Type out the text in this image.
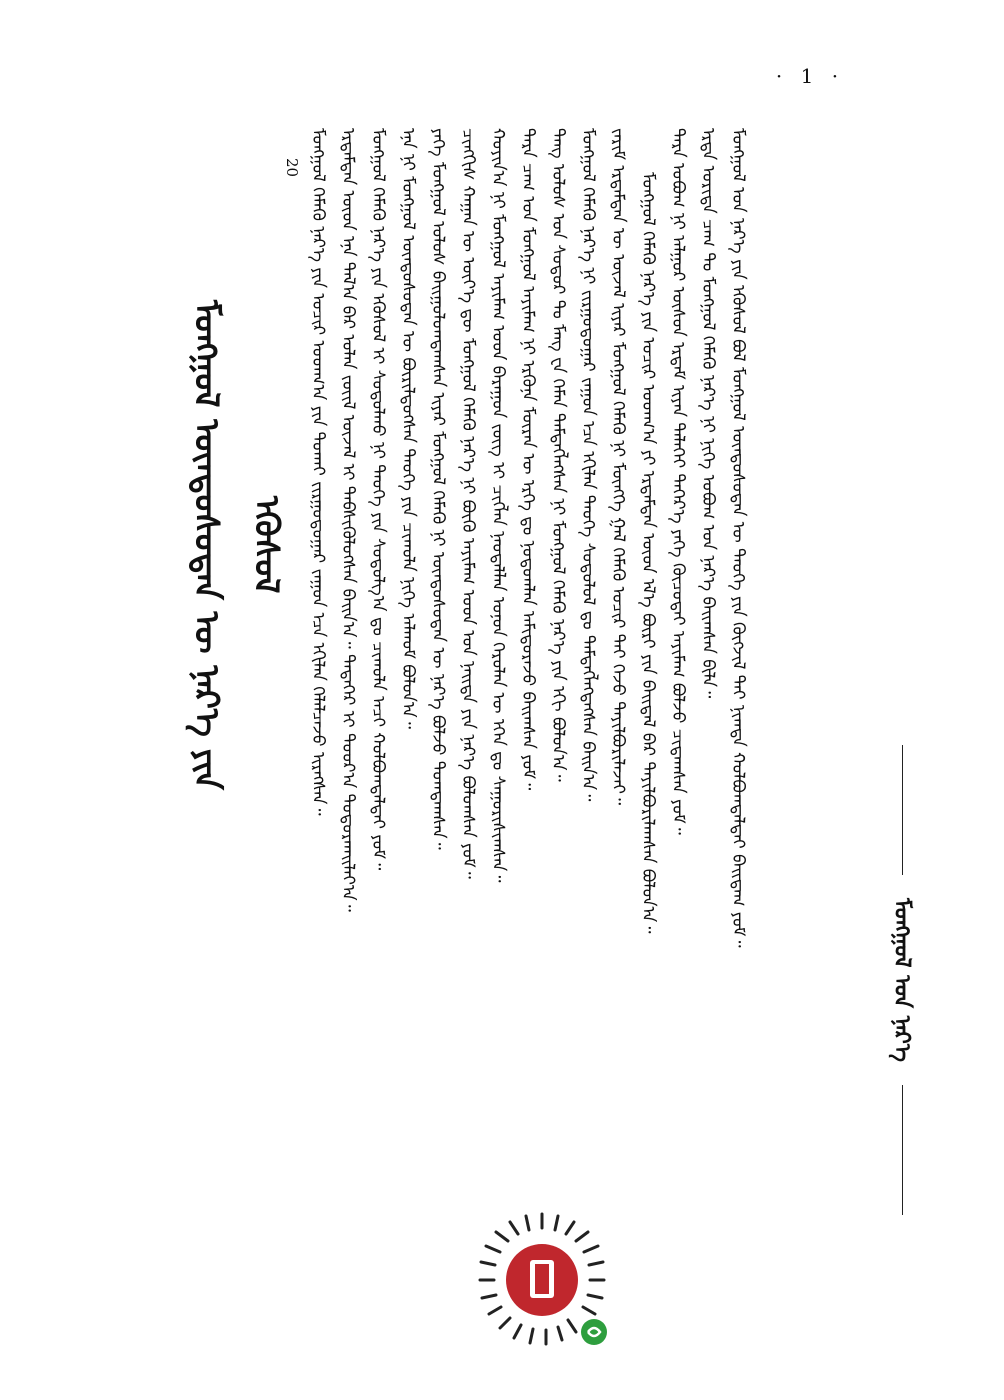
· 1 ·
ᠮᠣᠩᠭ᠋ᠣᠯ ᠤᠨ ᠨᠡᠷ᠎ᠡ
ᠮᠣᠩᠭ᠋ᠣᠯ ᠦᠨᠳᠦᠰᠦᠲᠡᠨ ᠦ ᠨᠡᠷ᠎ᠡ ᠶᠢᠨ ᠡᠭᠦᠰᠦᠯ	ᠮᠣᠩᠭ᠋ᠣᠯ ᠤᠨ ᠨᠡᠷ᠎ᠡ ᠶᠢᠨ ᠡᠭᠦᠰᠦᠯ ᠪᠣᠯ ᠮᠣᠩᠭ᠋ᠣᠯ ᠦᠨᠳᠦᠰᠦᠲᠡᠨ ᠦ ᠲᠡᠦᠬᠡ ᠶᠢᠨ ᠬᠥᠭᠵᠢᠯ ᠲᠡᠢ ᠨᠢᠭᠲᠠ ᠬᠣᠯᠪᠣᠭᠳᠠᠯᠲᠠᠢ ᠪᠠᠢᠳᠠᠭ ᠶᠤᠮ᠃
ᠡᠷᠲᠡ ᠤᠷᠢᠳᠠ ᠴᠠᠭ ᠲᠤ ᠮᠣᠩᠭ᠋ᠣᠯ ᠬᠡᠮᠡᠬᠦ ᠨᠡᠷ᠎ᠡ ᠨᠢ ᠨᠢᠭᠡ ᠣᠪᠣᠭ ᠤᠨ ᠨᠡᠷ᠎ᠡ ᠪᠠᠢᠭᠰᠠᠨ ᠪᠢᠯᠡ᠃
ᠲᠡᠷᠡ ᠣᠪᠣᠭ ᠨᠢ ᠠᠯᠭᠤᠷ ᠥᠰᠦᠨ ᠡᠷᠲᠡᠮ ᠢᠶᠡᠨ ᠲᠡᠯᠡᠬᠡᠢ ᠳᠡᠭᠡᠷ᠎ᠡ ᠶᠡᠬᠡ ᠬᠦᠴᠦᠲᠡᠢ ᠠᠶᠢᠮᠠᠭ ᠪᠣᠯᠵᠤ ᠴᠢᠳᠠᠭᠰᠠᠨ ᠶᠤᠮ᠃
ᠮᠣᠩᠭ᠋ᠣᠯ ᠬᠡᠮᠡᠬᠦ ᠨᠡᠷ᠎ᠡ ᠶᠢᠨ ᠤᠴᠢᠷ ᠤᠳᠬ᠎ᠠ ᠶᠢ ᠡᠷᠳᠡᠮᠳᠡᠨ ᠦᠳ ᠡᠯ᠎ᠡ ᠪᠦᠷᠢ ᠶᠢᠨ ᠪᠠᠢᠳᠠᠯ ᠪᠡᠷ ᠲᠠᠶᠢᠯᠪᠤᠷᠢᠯᠠᠭᠰᠠᠨ ᠪᠣᠯᠣᠨ᠎ᠠ᠃
ᠵᠠᠷᠢᠮ ᠡᠷᠳᠡᠮᠳᠡᠨ ᠦ ᠦᠵᠡᠯ ᠢᠶᠡᠷ ᠮᠣᠩᠭ᠋ᠣᠯ ᠬᠡᠮᠡᠬᠦ ᠨᠢ ᠮᠥᠩᠬᠡ ᠭᠠᠯ ᠬᠡᠮᠡᠬᠦ ᠤᠴᠢᠷ ᠲᠠᠢ ᠭᠡᠵᠦ ᠲᠠᠶᠢᠯᠪᠤᠷᠢᠯᠠᠵᠠᠢ᠃
ᠮᠣᠩᠭ᠋ᠣᠯ ᠬᠡᠮᠡᠬᠦ ᠨᠡᠷ᠎ᠡ ᠨᠢ ᠵᠢᠷᠭᠤᠳᠤᠭᠠᠷ ᠵᠠᠭᠤᠨ ᠡᠴᠡ ᠡᠬᠢᠯᠡᠨ ᠲᠡᠦᠬᠡ ᠰᠤᠳᠤᠯᠤᠯ ᠳᠤ ᠲᠡᠮᠳᠡᠭᠯᠡᠭᠳᠡᠭᠰᠡᠨ ᠪᠠᠢᠨ᠎ᠠ᠃
ᠲᠠᠩ ᠤᠯᠤᠰ ᠤᠨ ᠰᠤᠳᠤᠷ ᠲᠤ ᠮᠡᠩ ᠸᠠ ᠬᠡᠮᠡᠨ ᠲᠡᠮᠳᠡᠭᠯᠡᠭᠰᠡᠨ ᠨᠢ ᠮᠣᠩᠭ᠋ᠣᠯ ᠬᠡᠮᠡᠬᠦ ᠨᠡᠷ᠎ᠡ ᠶᠢᠨ ᠡᠬᠢ ᠪᠣᠯᠣᠨ᠎ᠠ᠃
ᠲᠡᠷᠡ ᠴᠠᠭ ᠤᠨ ᠮᠣᠩᠭ᠋ᠣᠯ ᠠᠶᠢᠮᠠᠭ ᠨᠢ ᠡᠷᠭᠦᠨᠡ ᠮᠥᠷᠡᠨ ᠦ ᠡᠷᠭᠡ ᠳᠤ ᠨᠤᠳᠤᠭᠯᠠᠨ ᠠᠮᠢᠳᠤᠷᠠᠵᠤ ᠪᠠᠢᠭᠰᠠᠨ ᠶᠤᠮ᠃
ᠬᠣᠶᠢᠨ᠎ᠠ ᠨᠢ ᠮᠣᠩᠭ᠋ᠣᠯ ᠠᠶᠢᠮᠠᠭ ᠤᠳ ᠪᠠᠷᠠᠭᠤᠨ ᠵᠦᠭ ᠢ ᠴᠢᠭᠯᠡᠨ ᠨᠡᠦᠳᠡᠯᠯᠡᠨ ᠣᠨᠣᠨ ᠬᠡᠷᠦᠯᠡᠨ ᠦ ᠡᠬᠡᠨ ᠳᠤ ᠰᠠᠭᠤᠷᠢᠰᠢᠭᠰᠠᠨ᠃
ᠴᠢᠩᠭᠢᠰ ᠬᠠᠭᠠᠨ ᠦ ᠦᠶ᠎ᠡ ᠳᠦ ᠮᠣᠩᠭ᠋ᠣᠯ ᠬᠡᠮᠡᠬᠦ ᠨᠡᠷ᠎ᠡ ᠨᠢ ᠪᠦᠬᠦ ᠠᠶᠢᠮᠠᠭ ᠤᠳ ᠤᠨ ᠨᠡᠢᠲᠡ ᠶᠢᠨ ᠨᠡᠷ᠎ᠡ ᠪᠣᠯᠣᠭᠰᠠᠨ ᠶᠤᠮ᠃
ᠶᠡᠬᠡ ᠮᠣᠩᠭ᠋ᠣᠯ ᠤᠯᠤᠰ ᠪᠠᠢᠭᠤᠯᠤᠭᠳᠠᠭᠰᠠᠨ ᠢᠶᠡᠷ ᠮᠣᠩᠭ᠋ᠣᠯ ᠬᠡᠮᠡᠬᠦ ᠨᠢ ᠦᠨᠳᠦᠰᠦᠲᠡᠨ ᠦ ᠨᠡᠷ᠎ᠡ ᠪᠣᠯᠵᠤ ᠲᠣᠭᠲᠠᠭᠰᠠᠨ᠃
ᠡᠨᠡ ᠨᠢ ᠮᠣᠩᠭ᠋ᠣᠯ ᠦᠨᠳᠦᠰᠦᠲᠡᠨ ᠦ ᠪᠦᠷᠢᠯᠳᠦᠭᠰᠡᠨ ᠲᠡᠦᠬᠡ ᠶᠢᠨ ᠴᠢᠬᠤᠯᠠ ᠨᠢᠭᠡ ᠠᠯᠬᠤᠮ ᠪᠣᠯᠣᠨ᠎ᠠ᠃
ᠮᠣᠩᠭ᠋ᠣᠯ ᠬᠡᠮᠡᠬᠦ ᠨᠡᠷ᠎ᠡ ᠶᠢᠨ ᠡᠭᠦᠰᠦᠯ ᠢ ᠰᠤᠳᠤᠯᠬᠤ ᠨᠢ ᠲᠡᠦᠬᠡ ᠶᠢᠨ ᠰᠤᠳᠤᠯᠭ᠎ᠠ ᠳᠤ ᠴᠢᠬᠤᠯᠠ ᠠᠴᠢ ᠬᠣᠯᠪᠣᠭᠳᠠᠯᠲᠠᠢ ᠶᠤᠮ᠃
ᠡᠷᠳᠡᠮᠳᠡᠨ ᠦᠳ ᠡᠨᠡ ᠲᠠᠯ᠎ᠠ ᠪᠠᠷ ᠣᠯᠠᠨ ᠵᠦᠢᠯ ᠦᠵᠡᠯ ᠢ ᠳᠡᠪᠰᠢᠭᠦᠯᠦᠭᠰᠡᠨ ᠪᠠᠢᠨ᠎ᠠ᠃ ᠲᠡᠳᠡᠭᠡᠷ ᠢ ᠳᠣᠣᠷ᠎ᠠ ᠲᠣᠳᠣᠷᠬᠠᠢᠯᠠᠶ᠎ᠠ᠃
ᠮᠣᠩᠭ᠋ᠣᠯ ᠬᠡᠮᠡᠬᠦ ᠨᠡᠷ᠎ᠡ ᠶᠢᠨ ᠤᠴᠢᠷ ᠤᠳᠬ᠎ᠠ ᠶᠢᠨ ᠲᠤᠬᠠᠢ ᠵᠢᠷᠭᠤᠳᠤᠭᠠᠷ ᠵᠠᠭᠤᠨ ᠡᠴᠡ ᠡᠬᠢᠯᠡᠨ ᠬᠡᠯᠡᠯᠴᠡᠵᠦ ᠢᠷᠡᠭᠰᠡᠨ᠃
20
